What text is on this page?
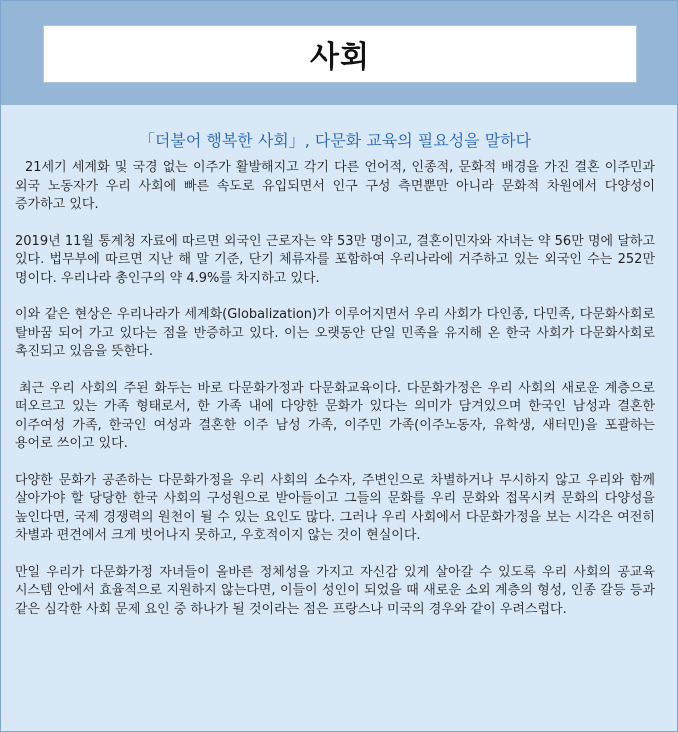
사회

「더불어 행복한 사회」, 다문화 교육의 필요성을 말하다

21세기 세계화 및 국경 없는 이주가 활발해지고 각기 다른 언어적, 인종적, 문화적 배경을 가진 결혼 이주민과 외국 노동자가 우리 사회에 빠른 속도로 유입되면서 인구 구성 측면뿐만 아니라 문화적 차원에서 다양성이 증가하고 있다.

2019년 11월 통계청 자료에 따르면 외국인 근로자는 약 53만 명이고, 결혼이민자와 자녀는 약 56만 명에 달하고 있다. 법무부에 따르면 지난 해 말 기준, 단기 체류자를 포함하여 우리나라에 거주하고 있는 외국인 수는 252만 명이다. 우리나라 총인구의 약 4.9%를 차지하고 있다.

이와 같은 현상은 우리나라가 세계화(Globalization)가 이루어지면서 우리 사회가 다인종, 다민족, 다문화사회로 탈바꿈 되어 가고 있다는 점을 반증하고 있다. 이는 오랫동안 단일 민족을 유지해 온 한국 사회가 다문화사회로 촉진되고 있음을 뜻한다.

최근 우리 사회의 주된 화두는 바로 다문화가정과 다문화교육이다. 다문화가정은 우리 사회의 새로운 계층으로 떠오르고 있는 가족 형태로서, 한 가족 내에 다양한 문화가 있다는 의미가 담겨있으며 한국인 남성과 결혼한 이주여성 가족, 한국인 여성과 결혼한 이주 남성 가족, 이주민 가족(이주노동자, 유학생, 새터민)을 포괄하는 용어로 쓰이고 있다.

다양한 문화가 공존하는 다문화가정을 우리 사회의 소수자, 주변인으로 차별하거나 무시하지 않고 우리와 함께 살아가야 할 당당한 한국 사회의 구성원으로 받아들이고 그들의 문화를 우리 문화와 접목시켜 문화의 다양성을 높인다면, 국제 경쟁력의 원천이 될 수 있는 요인도 많다. 그러나 우리 사회에서 다문화가정을 보는 시각은 여전히 차별과 편견에서 크게 벗어나지 못하고, 우호적이지 않는 것이 현실이다.

만일 우리가 다문화가정 자녀들이 올바른 정체성을 가지고 자신감 있게 살아갈 수 있도록 우리 사회의 공교육 시스템 안에서 효율적으로 지원하지 않는다면, 이들이 성인이 되었을 때 새로운 소외 계층의 형성, 인종 갈등 등과 같은 심각한 사회 문제 요인 중 하나가 될 것이라는 점은 프랑스나 미국의 경우와 같이 우려스럽다.
